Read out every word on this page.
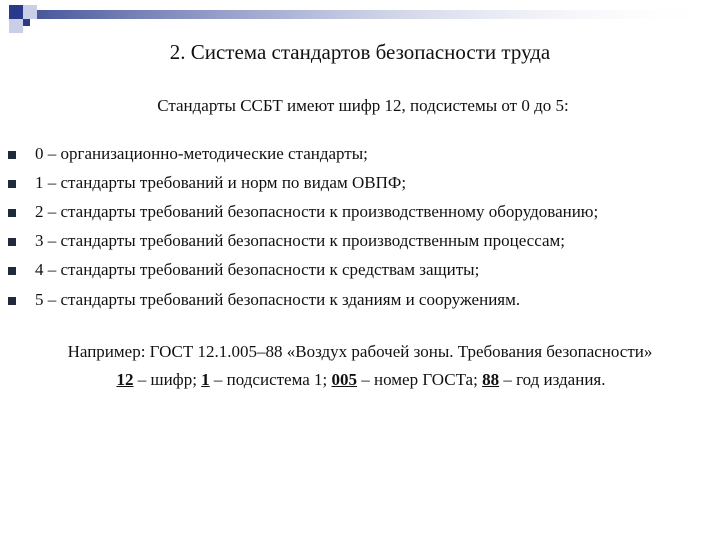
2. Система стандартов безопасности труда
Стандарты ССБТ имеют шифр 12, подсистемы от 0 до 5:
0 – организационно-методические стандарты;
1 – стандарты требований и норм по видам ОВПФ;
2 – стандарты требований безопасности к производственному оборудованию;
3 – стандарты требований безопасности к производственным процессам;
4 – стандарты требований безопасности к средствам защиты;
5 – стандарты требований безопасности к зданиям и сооружениям.
Например: ГОСТ 12.1.005–88 «Воздух рабочей зоны. Требования безопасности»
12 – шифр; 1 – подсистема 1; 005 – номер ГОСТа; 88 – год издания.
